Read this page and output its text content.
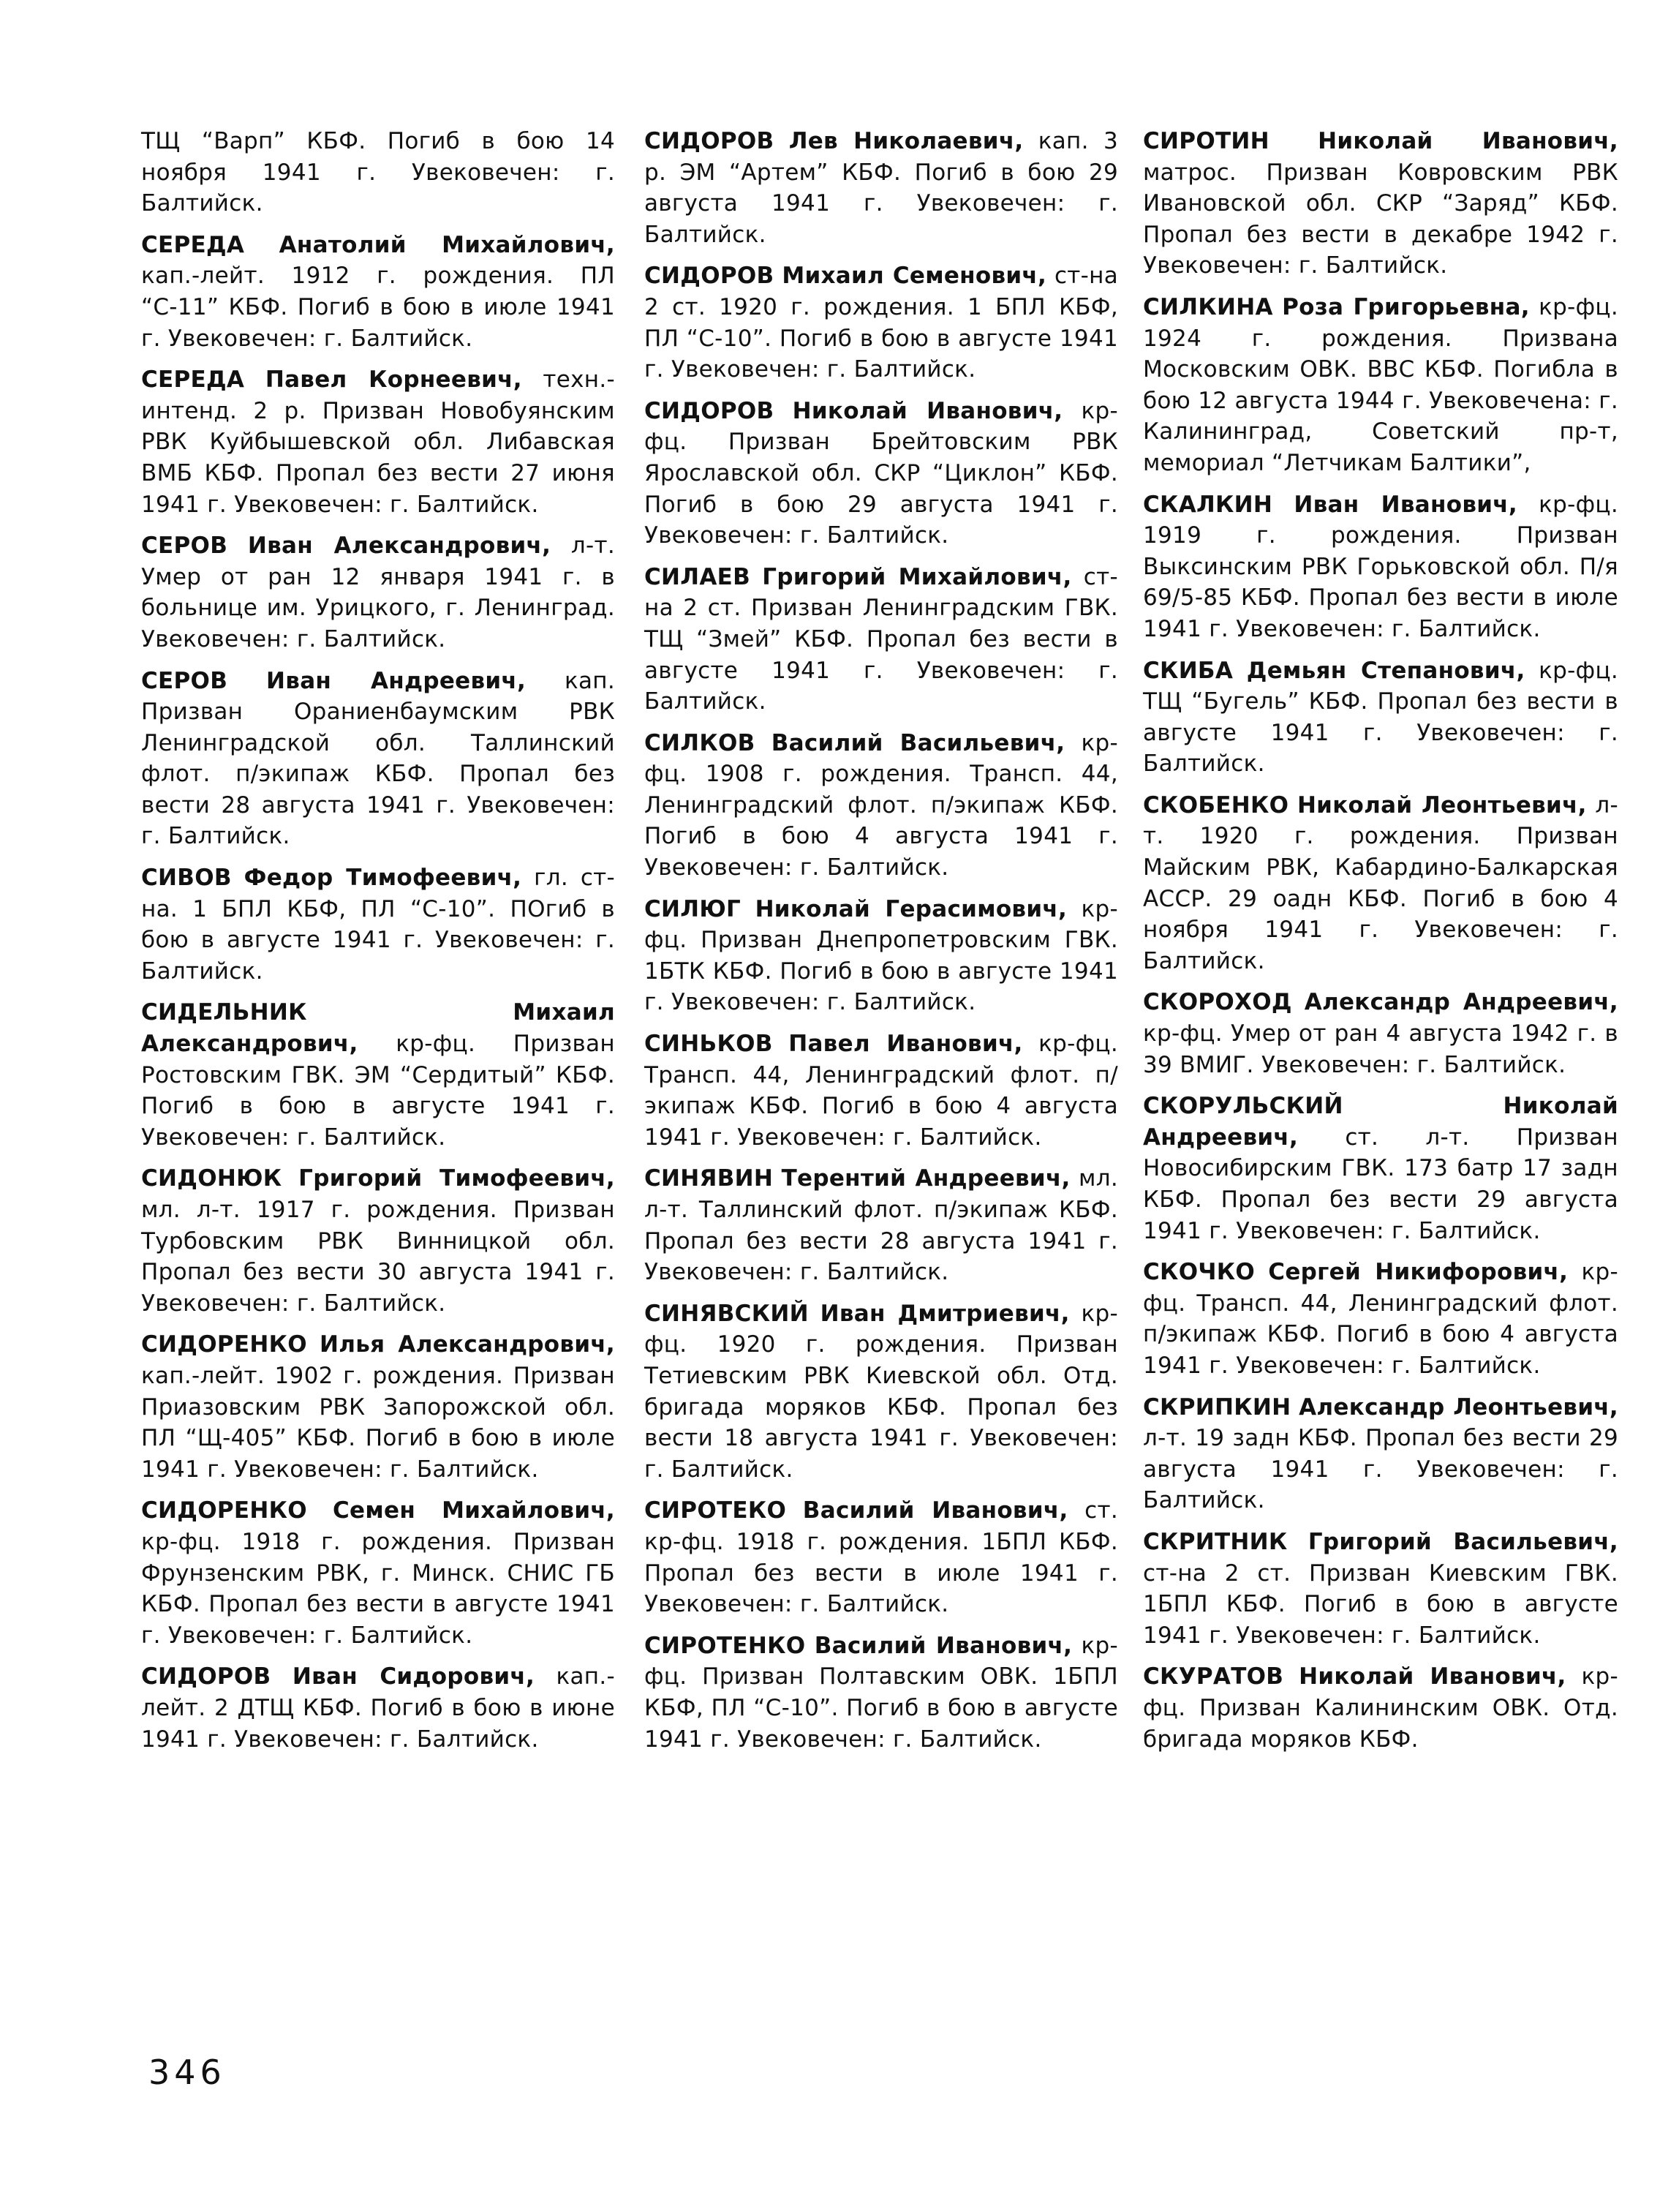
ТЩ “Варп” КБФ. Погиб в бою 14 ноября 1941 г. Увековечен: г. Балтийск.

СЕРЕДА Анатолий Михайлович, кап.-лейт. 1912 г. рождения. ПЛ “С-11” КБФ. Погиб в бою в июле 1941 г. Увековечен: г. Балтийск.

СЕРЕДА Павел Корнеевич, техн.-интенд. 2 р. Призван Новобуянским РВК Куйбышевской обл. Либавская ВМБ КБФ. Пропал без вести 27 июня 1941 г. Увековечен: г. Балтийск.

СЕРОВ Иван Александрович, л-т. Умер от ран 12 января 1941 г. в больнице им. Урицкого, г. Ленинград. Увековечен: г. Балтийск.

СЕРОВ Иван Андреевич, кап. Призван Ораниенбаумским РВК Ленинградской обл. Таллинский флот. п/экипаж КБФ. Пропал без вести 28 августа 1941 г. Увековечен: г. Балтийск.

СИВОВ Федор Тимофеевич, гл. ст-на. 1 БПЛ КБФ, ПЛ “С-10”. ПОгиб в бою в августе 1941 г. Увековечен: г. Балтийск.

СИДЕЛЬНИК	Михаил Александрович, кр-фц. Призван Ростовским ГВК. ЭМ “Сердитый” КБФ. Погиб в бою в августе 1941 г. Увековечен: г. Балтийск.

СИДОНЮК Григорий Тимофеевич, мл. л-т. 1917 г. рождения. Призван Турбовским РВК Винницкой обл. Пропал без вести 30 августа 1941 г. Увековечен: г. Балтийск.

СИДОРЕНКО Илья Александрович, кап.-лейт. 1902 г. рождения. Призван Приазовским РВК Запорожской обл. ПЛ “Щ-405” КБФ. Погиб в бою в июле 1941 г. Увековечен: г. Балтийск.

СИДОРЕНКО Семен Михайлович, кр-фц. 1918 г. рождения. Призван Фрунзенским РВК, г. Минск. СНИС ГБ КБФ. Пропал без вести в августе 1941 г. Увековечен: г. Балтийск.

СИДОРОВ Иван Сидорович, кап.-лейт. 2 ДТЩ КБФ. Погиб в бою в июне 1941 г. Увековечен: г. Балтийск.

СИДОРОВ Лев Николаевич, кап. 3 р. ЭМ “Артем” КБФ. Погиб в бою 29 августа 1941 г. Увековечен: г. Балтийск.

СИДОРОВ Михаил Семенович, ст-на 2 ст. 1920 г. рождения. 1 БПЛ КБФ, ПЛ “С-10”. Погиб в бою в августе 1941 г. Увековечен: г. Балтийск.

СИДОРОВ Николай Иванович, кр-фц. Призван Брейтовским РВК Ярославской обл. СКР “Циклон” КБФ. Погиб в бою 29 августа 1941 г. Увековечен: г. Балтийск.

СИЛАЕВ Григорий Михайлович, ст-на 2 ст. Призван Ленинградским ГВК. ТЩ “Змей” КБФ. Пропал без вести в августе 1941 г. Увековечен: г. Балтийск.

СИЛКОВ Василий Васильевич, кр-фц. 1908 г. рождения. Трансп. 44, Ленинградский флот. п/экипаж КБФ. Погиб в бою 4 августа 1941 г. Увековечен: г. Балтийск.

СИЛЮГ Николай Герасимович, кр-фц. Призван Днепропетровским ГВК. 1БТК КБФ. Погиб в бою в августе 1941 г. Увековечен: г. Балтийск.

СИНЬКОВ Павел Иванович, кр-фц. Трансп. 44, Ленинградский флот. п/экипаж КБФ. Погиб в бою 4 августа 1941 г. Увековечен: г. Балтийск.

СИНЯВИН Терентий Андреевич, мл. л-т. Таллинский флот. п/экипаж КБФ. Пропал без вести 28 августа 1941 г. Увековечен: г. Балтийск.

СИНЯВСКИЙ Иван Дмитриевич, кр-фц. 1920 г. рождения. Призван Тетиевским РВК Киевской обл. Отд. бригада моряков КБФ. Пропал без вести 18 августа 1941 г. Увековечен: г. Балтийск.

СИРОТЕКО Василий Иванович, ст. кр-фц. 1918 г. рождения. 1БПЛ КБФ. Пропал без вести в июле 1941 г. Увековечен: г. Балтийск.

СИРОТЕНКО Василий Иванович, кр-фц. Призван Полтавским ОВК. 1БПЛ КБФ, ПЛ “С-10”. Погиб в бою в августе 1941 г. Увековечен: г. Балтийск.

СИРОТИН Николай Иванович, матрос. Призван Ковровским РВК Ивановской обл. СКР “Заряд” КБФ. Пропал без вести в декабре 1942 г. Увековечен: г. Балтийск.

СИЛКИНА Роза Григорьевна, кр-фц. 1924 г. рождения. Призвана Московским ОВК. ВВС КБФ. Погибла в бою 12 августа 1944 г. Увековечена: г. Калининград, Советский пр-т, мемориал “Летчикам Балтики”,

СКАЛКИН Иван Иванович, кр-фц. 1919 г. рождения. Призван Выксинским РВК Горьковской обл. П/я 69/5-85 КБФ. Пропал без вести в июле 1941 г. Увековечен: г. Балтийск.

СКИБА Демьян Степанович, кр-фц. ТЩ “Бугель” КБФ. Пропал без вести в августе 1941 г. Увековечен: г. Балтийск.

СКОБЕНКО Николай Леонтьевич, л-т. 1920 г. рождения. Призван Майским РВК, Кабардино-Балкарская АССР. 29 оадн КБФ. Погиб в бою 4 ноября 1941 г. Увековечен: г. Балтийск.

СКОРОХОД Александр Андреевич, кр-фц. Умер от ран 4 августа 1942 г. в 39 ВМИГ. Увековечен: г. Балтийск.

СКОРУЛЬСКИЙ	Николай Андреевич, ст. л-т. Призван Новосибирским ГВК. 173 батр 17 задн КБФ. Пропал без вести 29 августа 1941 г. Увековечен: г. Балтийск.

СКОЧКО Сергей Никифорович, кр-фц. Трансп. 44, Ленинградский флот. п/экипаж КБФ. Погиб в бою 4 августа 1941 г. Увековечен: г. Балтийск.

СКРИПКИН Александр Леонтьевич, л-т. 19 задн КБФ. Пропал без вести 29 августа 1941 г. Увековечен: г. Балтийск.

СКРИТНИК Григорий Васильевич, ст-на 2 ст. Призван Киевским ГВК. 1БПЛ КБФ. Погиб в бою в августе 1941 г. Увековечен: г. Балтийск.

СКУРАТОВ Николай Иванович, кр-фц. Призван Калининским ОВК. Отд. бригада моряков КБФ.

346
